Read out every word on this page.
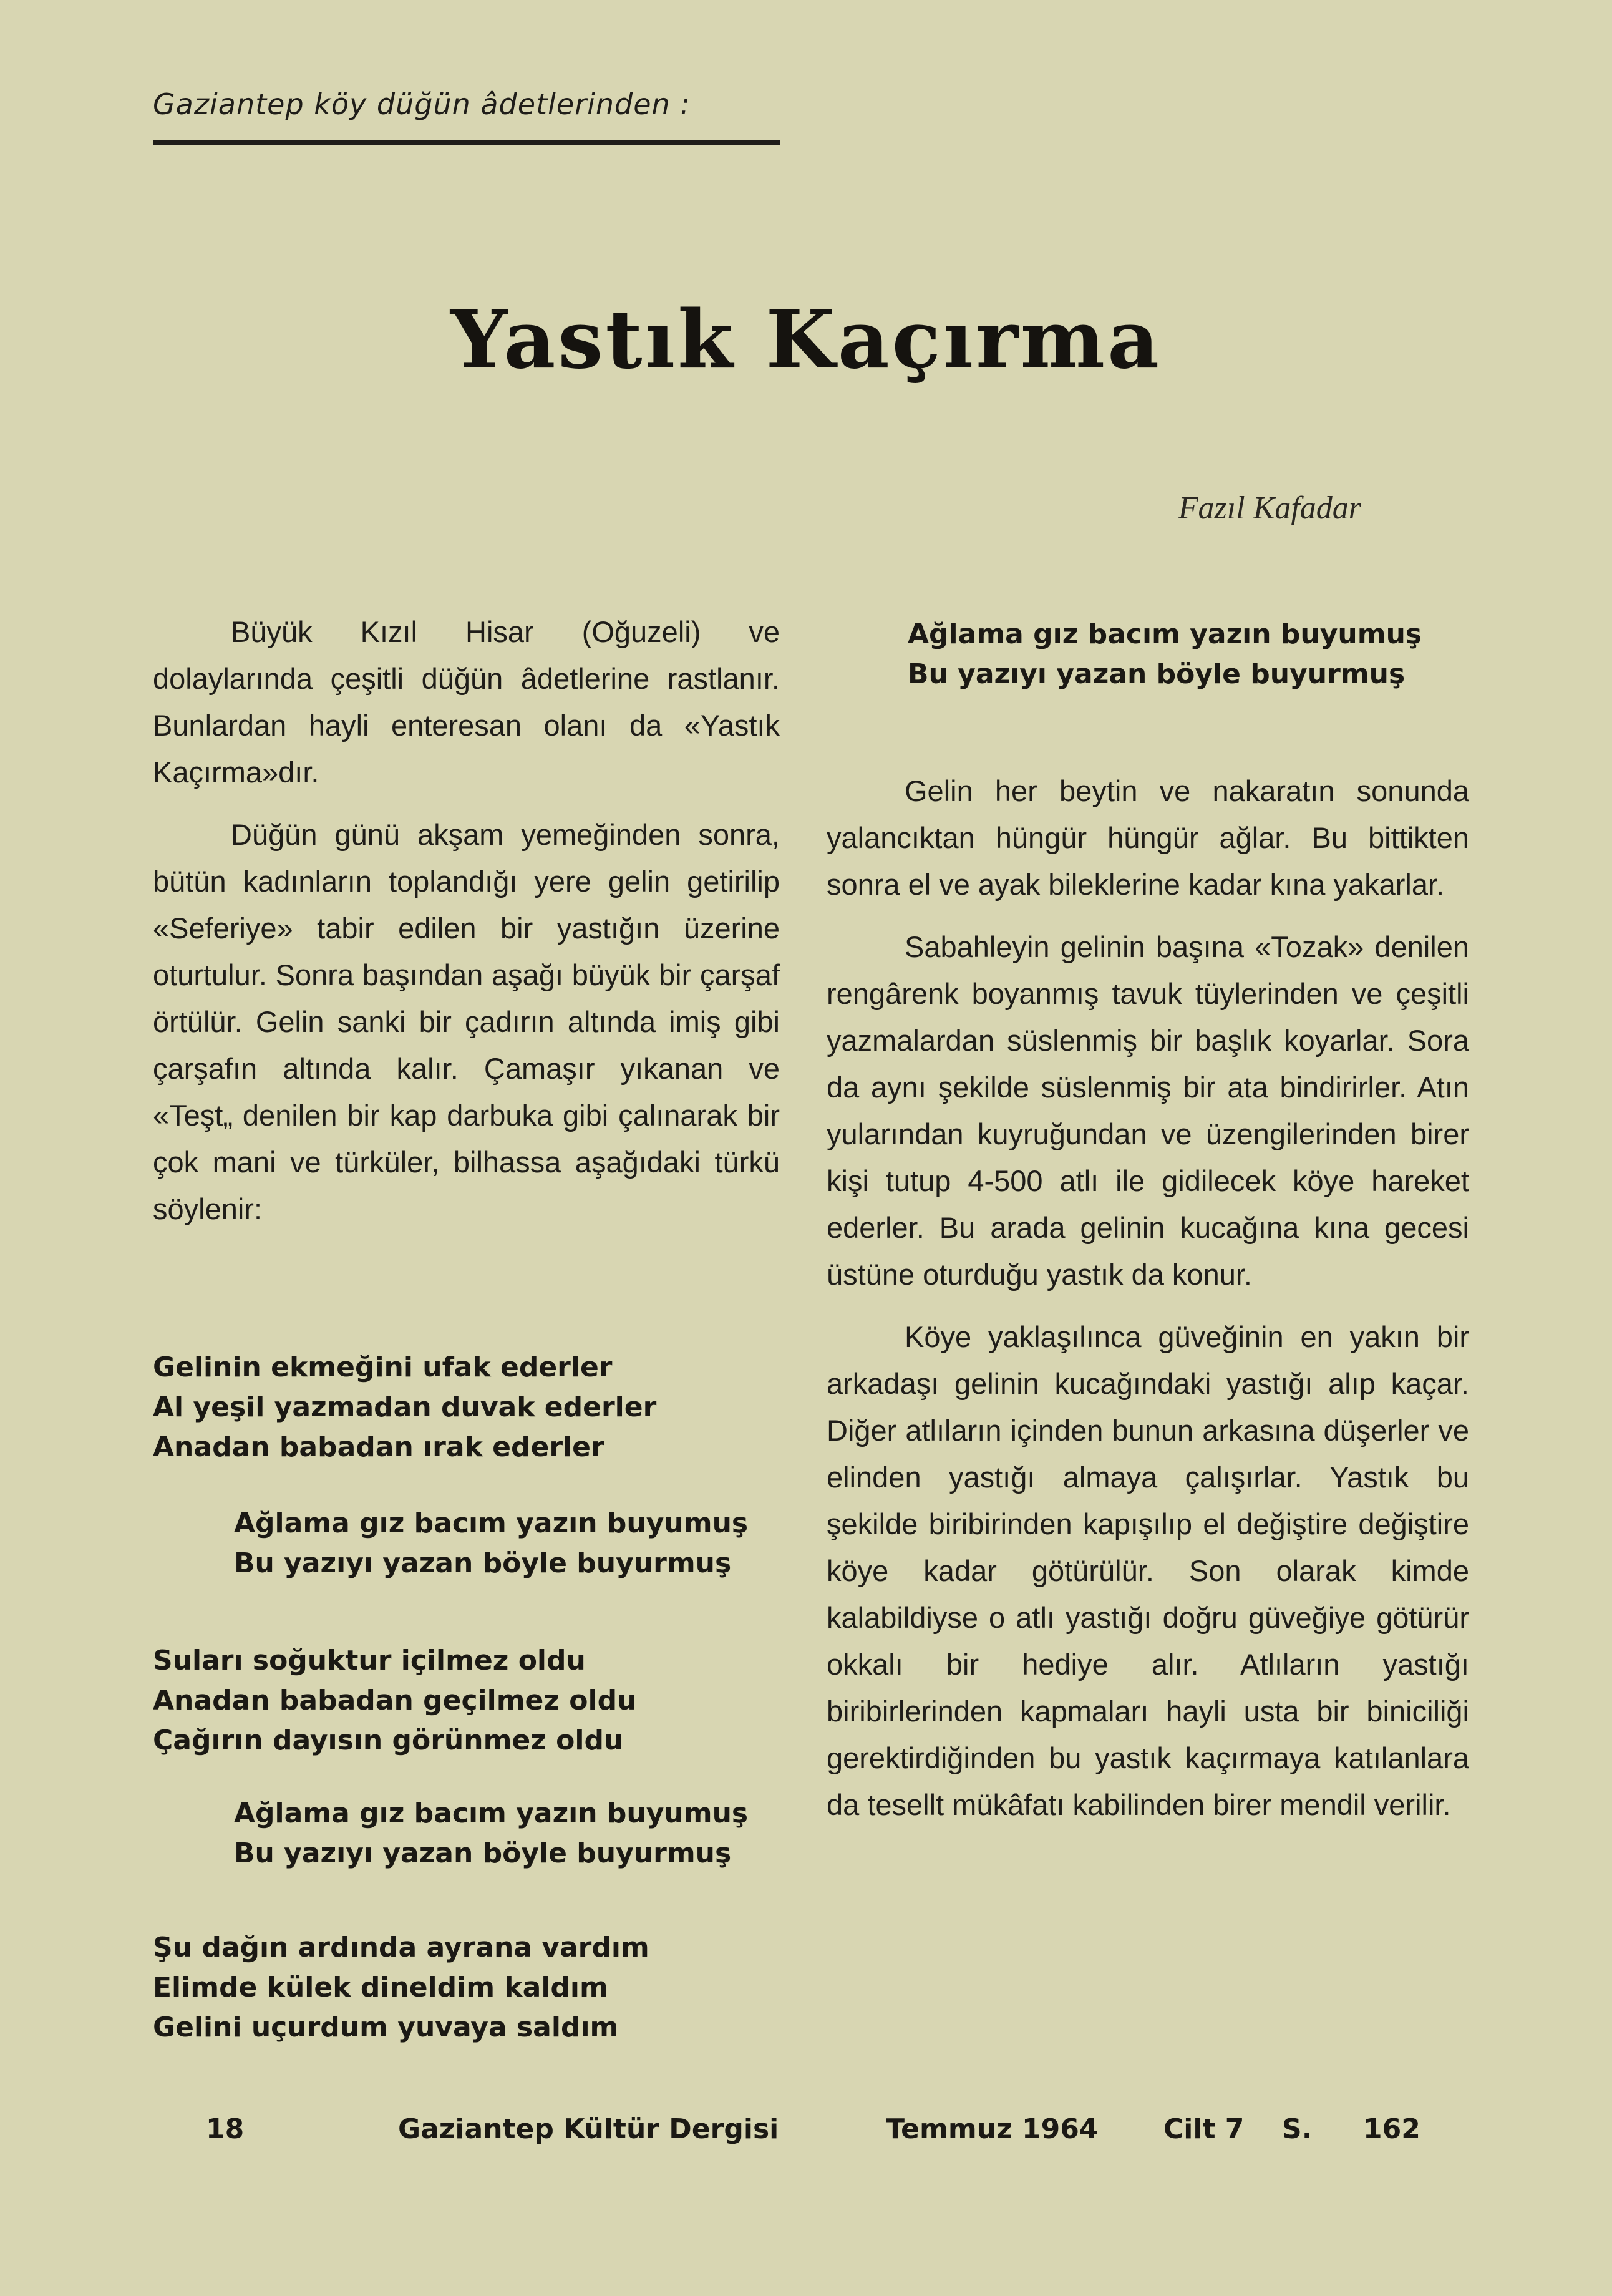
Gaziantep köy düğün âdetlerinden :
Yastık Kaçırma
Fazıl Kafadar

Büyük Kızıl Hisar (Oğuzeli) ve dolaylarında çeşitli düğün âdetlerine rastlanır. Bunlardan hayli enteresan olanı da «Yastık Kaçırma»dır.

Düğün günü akşam yemeğinden sonra, bütün kadınların toplandığı yere gelin getirilip «Seferiye» tabir edilen bir yastığın üzerine oturtulur. Sonra başından aşağı büyük bir çarşaf örtülür. Gelin sanki bir çadırın altında imiş gibi çarşafın altında kalır. Çamaşır yıkanan ve «Teşt„ denilen bir kap darbuka gibi çalınarak bir çok mani ve türküler, bilhassa aşağıdaki türkü söylenir:

Gelinin ekmeğini ufak ederler
Al yeşil yazmadan duvak ederler
Anadan babadan ırak ederler
Ağlama gız bacım yazın buyumuş
Bu yazıyı yazan böyle buyurmuş
Suları soğuktur içilmez oldu
Anadan babadan geçilmez oldu
Çağırın dayısın görünmez oldu
Ağlama gız bacım yazın buyumuş
Bu yazıyı yazan böyle buyurmuş
Şu dağın ardında ayrana vardım
Elimde külek dineldim kaldım
Gelini uçurdum yuvaya saldım
Ağlama gız bacım yazın buyumuş
Bu yazıyı yazan böyle buyurmuş

Gelin her beytin ve nakaratın sonunda yalancıktan hüngür hüngür ağlar. Bu bittikten sonra el ve ayak bileklerine kadar kına yakarlar.

Sabahleyin gelinin başına «Tozak» denilen rengârenk boyanmış tavuk tüylerinden ve çeşitli yazmalardan süslenmiş bir başlık koyarlar. Sora da aynı şekilde süslenmiş bir ata bindirirler. Atın yularından kuyruğundan ve üzengilerinden birer kişi tutup 4-500 atlı ile gidilecek köye hareket ederler. Bu arada gelinin kucağına kına gecesi üstüne oturduğu yastık da konur.

Köye yaklaşılınca güveğinin en yakın bir arkadaşı gelinin kucağındaki yastığı alıp kaçar. Diğer atlıların içinden bunun arkasına düşerler ve elinden yastığı almaya çalışırlar. Yastık bu şekilde biribirinden kapışılıp el değiştire değiştire köye kadar götürülür. Son olarak kimde kalabildiyse o atlı yastığı doğru güveğiye götürür okkalı bir hediye alır. Atlıların yastığı biribirlerinden kapmaları hayli usta bir biniciliği gerektirdiğinden bu yastık kaçırmaya katılanlara da tesellt mükâfatı kabilinden birer mendil verilir.

18	Gaziantep Kültür Dergisi	Temmuz 1964 Cilt 7 S. 162
